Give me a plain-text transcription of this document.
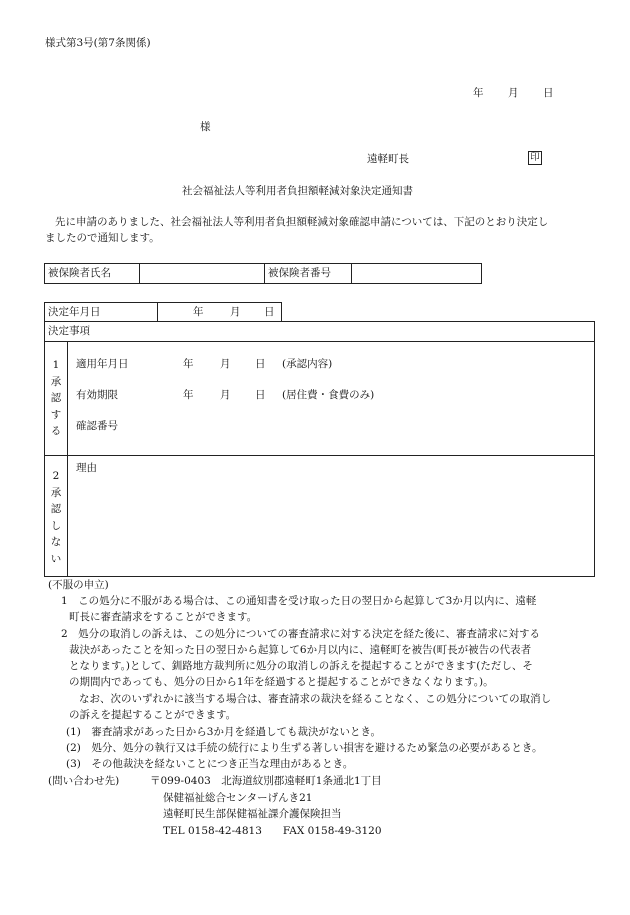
様式第3号(第7条関係)
年 月 日
様
遠軽町長	印
社会福祉法人等利用者負担額軽減対象決定通知書
先に申請のありました、社会福祉法人等利用者負担額軽減対象確認申請については、下記のとおり決定し
ましたので通知します。
被保険者氏名	被保険者番号
決定年月日	年	月 日
決定事項
1
承
認
す
る
適用年月日	年	月 日 (承認内容)
有効期限	年	月 日 (居住費・食費のみ)
確認番号
2
承
認
し
な
い
理由
(不服の申立)
1　この処分に不服がある場合は、この通知書を受け取った日の翌日から起算して3か月以内に、遠軽
町長に審査請求をすることができます。
2　処分の取消しの訴えは、この処分についての審査請求に対する決定を経た後に、審査請求に対する
裁決があったことを知った日の翌日から起算して6か月以内に、遠軽町を被告(町長が被告の代表者
となります。)として、釧路地方裁判所に処分の取消しの訴えを提起することができます(ただし、そ
の期間内であっても、処分の日から1年を経過すると提起することができなくなります。)。
なお、次のいずれかに該当する場合は、審査請求の裁決を経ることなく、この処分についての取消し
の訴えを提起することができます。
(1)　審査請求があった日から3か月を経過しても裁決がないとき。
(2)　処分、処分の執行又は手続の続行により生ずる著しい損害を避けるため緊急の必要があるとき。
(3)　その他裁決を経ないことにつき正当な理由があるとき。
(問い合わせ先)	〒099-0403　北海道紋別郡遠軽町1条通北1丁目
保健福祉総合センターげんき21
遠軽町民生部保健福祉課介護保険担当
TEL 0158-42-4813　　FAX 0158-49-3120
